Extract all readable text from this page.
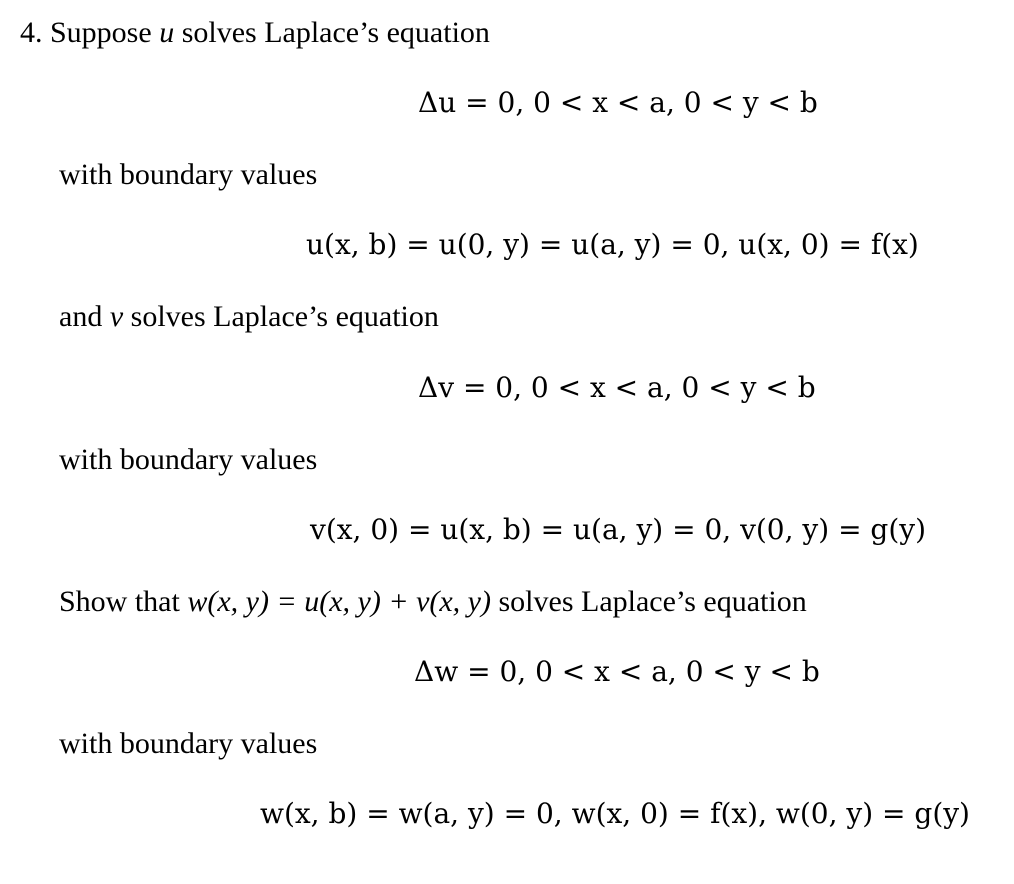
4. Suppose u solves Laplace’s equation
Δu = 0, 0 < x < a, 0 < y < b
with boundary values
u(x, b) = u(0, y) = u(a, y) = 0, u(x, 0) = f(x)
and v solves Laplace’s equation
Δv = 0, 0 < x < a, 0 < y < b
with boundary values
v(x, 0) = u(x, b) = u(a, y) = 0, v(0, y) = g(y)
Show that w(x, y) = u(x, y) + v(x, y) solves Laplace’s equation
Δw = 0, 0 < x < a, 0 < y < b
with boundary values
w(x, b) = w(a, y) = 0, w(x, 0) = f(x), w(0, y) = g(y)
